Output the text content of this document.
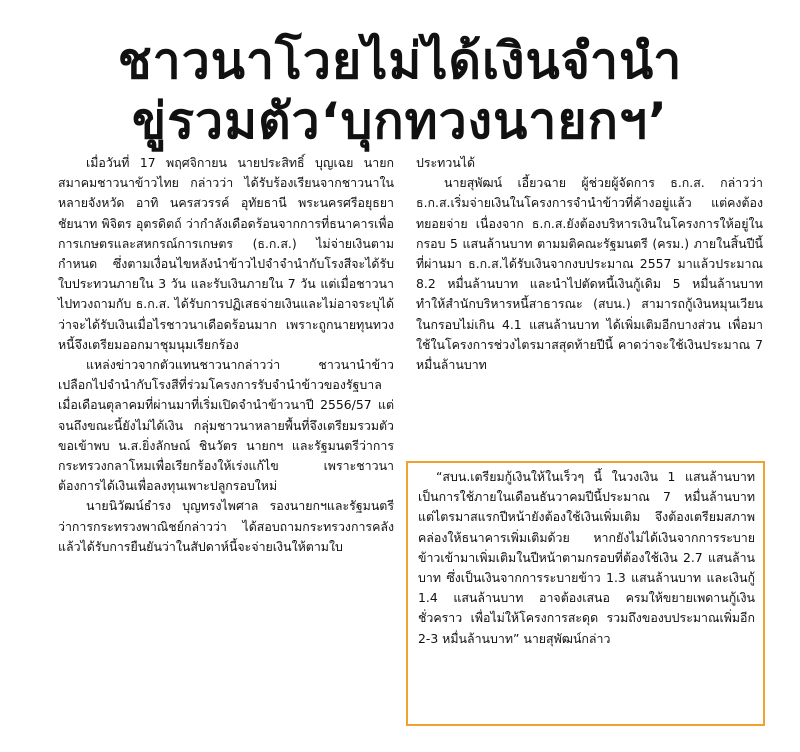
ชาวนาโวยไม่ได้เงินจำนำ
ขู่รวมตัว‘บุกทวงนายกฯ’

เมื่อวันที่ 17 พฤศจิกายน นายประสิทธิ์ บุญเฉย นายกสมาคมชาวนาข้าวไทย กล่าวว่า ได้รับร้องเรียนจากชาวนาในหลายจังหวัด อาทิ นครสวรรค์ อุทัยธานี พระนครศรีอยุธยา ชัยนาท พิจิตร อุตรดิตถ์ ว่ากำลังเดือดร้อนจากการที่ธนาคารเพื่อการเกษตรและสหกรณ์การเกษตร (ธ.ก.ส.) ไม่จ่ายเงินตามกำหนด ซึ่งตามเงื่อนไขหลังนำข้าวไปจำจำนำกับโรงสีจะได้รับใบประทวนภายใน 3 วัน และรับเงินภายใน 7 วัน แต่เมื่อชาวนาไปทวงถามกับ ธ.ก.ส. ได้รับการปฏิเสธจ่ายเงินและไม่อาจระบุได้ว่าจะได้รับเงินเมื่อไรชาวนาเดือดร้อนมาก เพราะถูกนายทุนทวงหนี้จึงเตรียมออกมาชุมนุมเรียกร้อง

แหล่งข่าวจากตัวแทนชาวนากล่าวว่า ชาวนานำข้าวเปลือกไปจำนำกับโรงสีที่ร่วมโครงการรับจำนำข้าวของรัฐบาลเมื่อเดือนตุลาคมที่ผ่านมาที่เริ่มเปิดจำนำข้าวนาปี 2556/57 แต่จนถึงขณะนี้ยังไม่ได้เงิน กลุ่มชาวนาหลายพื้นที่จึงเตรียมรวมตัวขอเข้าพบ น.ส.ยิ่งลักษณ์ ชินวัตร นายกฯ และรัฐมนตรีว่าการกระทรวงกลาโหมเพื่อเรียกร้องให้เร่งแก้ไข เพราะชาวนาต้องการได้เงินเพื่อลงทุนเพาะปลูกรอบใหม่

นายนิวัฒน์ธำรง บุญทรงไพศาล รองนายกฯและรัฐมนตรีว่าการกระทรวงพาณิชย์กล่าวว่า ได้สอบถามกระทรวงการคลังแล้วได้รับการยืนยันว่าในสัปดาห์นี้จะจ่ายเงินให้ตามใบ

ประทวนได้

นายสุพัฒน์ เอี้ยวฉาย ผู้ช่วยผู้จัดการ ธ.ก.ส. กล่าวว่า ธ.ก.ส.เริ่มจ่ายเงินในโครงการจำนำข้าวที่ค้างอยู่แล้ว แต่คงต้องทยอยจ่าย เนื่องจาก ธ.ก.ส.ยังต้องบริหารเงินในโครงการให้อยู่ในกรอบ 5 แสนล้านบาท ตามมติคณะรัฐมนตรี (ครม.) ภายในสิ้นปีนี้ ที่ผ่านมา ธ.ก.ส.ได้รับเงินจากงบประมาณ 2557 มาแล้วประมาณ 8.2 หมื่นล้านบาท และนำไปตัดหนี้เงินกู้เดิม 5 หมื่นล้านบาท ทำให้สำนักบริหารหนี้สาธารณะ (สบน.) สามารถกู้เงินหมุนเวียนในกรอบไม่เกิน 4.1 แสนล้านบาท ได้เพิ่มเติมอีกบางส่วน เพื่อมาใช้ในโครงการช่วงไตรมาสสุดท้ายปีนี้ คาดว่าจะใช้เงินประมาณ 7 หมื่นล้านบาท

“สบน.เตรียมกู้เงินให้ในเร็วๆ นี้ ในวงเงิน 1 แสนล้านบาท เป็นการใช้ภายในเดือนธันวาคมปีนี้ประมาณ 7 หมื่นล้านบาท แต่ไตรมาสแรกปีหน้ายังต้องใช้เงินเพิ่มเติม จึงต้องเตรียมสภาพคล่องให้ธนาคารเพิ่มเติมด้วย หากยังไม่ได้เงินจากการระบายข้าวเข้ามาเพิ่มเติมในปีหน้าตามกรอบที่ต้องใช้เงิน 2.7 แสนล้านบาท ซึ่งเป็นเงินจากการระบายข้าว 1.3 แสนล้านบาท และเงินกู้ 1.4 แสนล้านบาท อาจต้องเสนอ ครมให้ขยายเพดานกู้เงินชั่วคราว เพื่อไม่ให้โครงการสะดุด รวมถึงของบประมาณเพิ่มอีก 2-3 หมื่นล้านบาท” นายสุพัฒน์กล่าว
